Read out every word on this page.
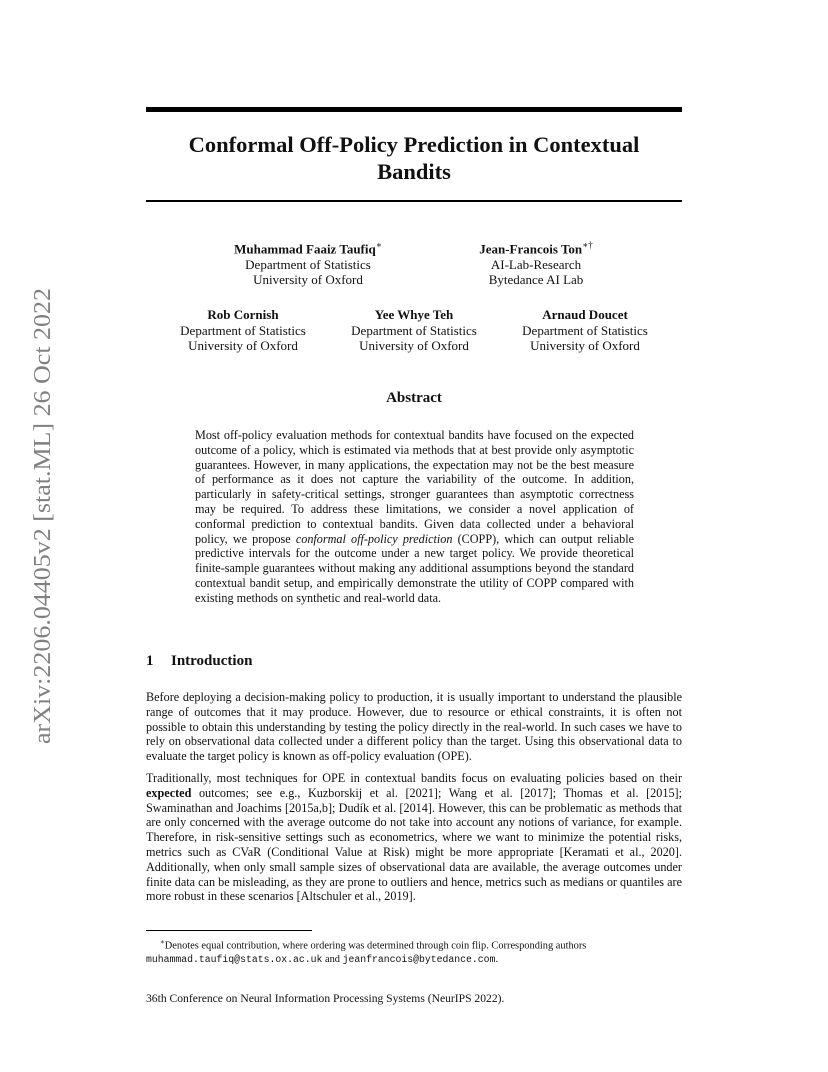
arXiv:2206.04405v2 [stat.ML] 26 Oct 2022
Conformal Off-Policy Prediction in Contextual
Bandits
Muhammad Faaiz Taufiq∗
Department of Statistics
University of Oxford
Jean-Francois Ton∗†
AI-Lab-Research
Bytedance AI Lab
Rob Cornish
Department of Statistics
University of Oxford
Yee Whye Teh
Department of Statistics
University of Oxford
Arnaud Doucet
Department of Statistics
University of Oxford
Abstract

Most off-policy evaluation methods for contextual bandits have focused on the expected outcome of a policy, which is estimated via methods that at best provide only asymptotic guarantees. However, in many applications, the expectation may not be the best measure of performance as it does not capture the variability of the outcome. In addition, particularly in safety-critical settings, stronger guarantees than asymptotic correctness may be required. To address these limitations, we consider a novel application of conformal prediction to contextual bandits. Given data collected under a behavioral policy, we propose conformal off-policy prediction (COPP), which can output reliable predictive intervals for the outcome under a new target policy. We provide theoretical finite-sample guarantees without making any additional assumptions beyond the standard contextual bandit setup, and empirically demonstrate the utility of COPP compared with existing methods on synthetic and real-world data.

1 Introduction

Before deploying a decision-making policy to production, it is usually important to understand the plausible range of outcomes that it may produce. However, due to resource or ethical constraints, it is often not possible to obtain this understanding by testing the policy directly in the real-world. In such cases we have to rely on observational data collected under a different policy than the target. Using this observational data to evaluate the target policy is known as off-policy evaluation (OPE).

Traditionally, most techniques for OPE in contextual bandits focus on evaluating policies based on their expected outcomes; see e.g., Kuzborskij et al. [2021]; Wang et al. [2017]; Thomas et al. [2015]; Swaminathan and Joachims [2015a,b]; Dudík et al. [2014]. However, this can be problematic as methods that are only concerned with the average outcome do not take into account any notions of variance, for example. Therefore, in risk-sensitive settings such as econometrics, where we want to minimize the potential risks, metrics such as CVaR (Conditional Value at Risk) might be more appropriate [Keramati et al., 2020]. Additionally, when only small sample sizes of observational data are available, the average outcomes under finite data can be misleading, as they are prone to outliers and hence, metrics such as medians or quantiles are more robust in these scenarios [Altschuler et al., 2019].

∗Denotes equal contribution, where ordering was determined through coin flip. Corresponding authors
muhammad.taufiq@stats.ox.ac.uk and jeanfrancois@bytedance.com.

36th Conference on Neural Information Processing Systems (NeurIPS 2022).
